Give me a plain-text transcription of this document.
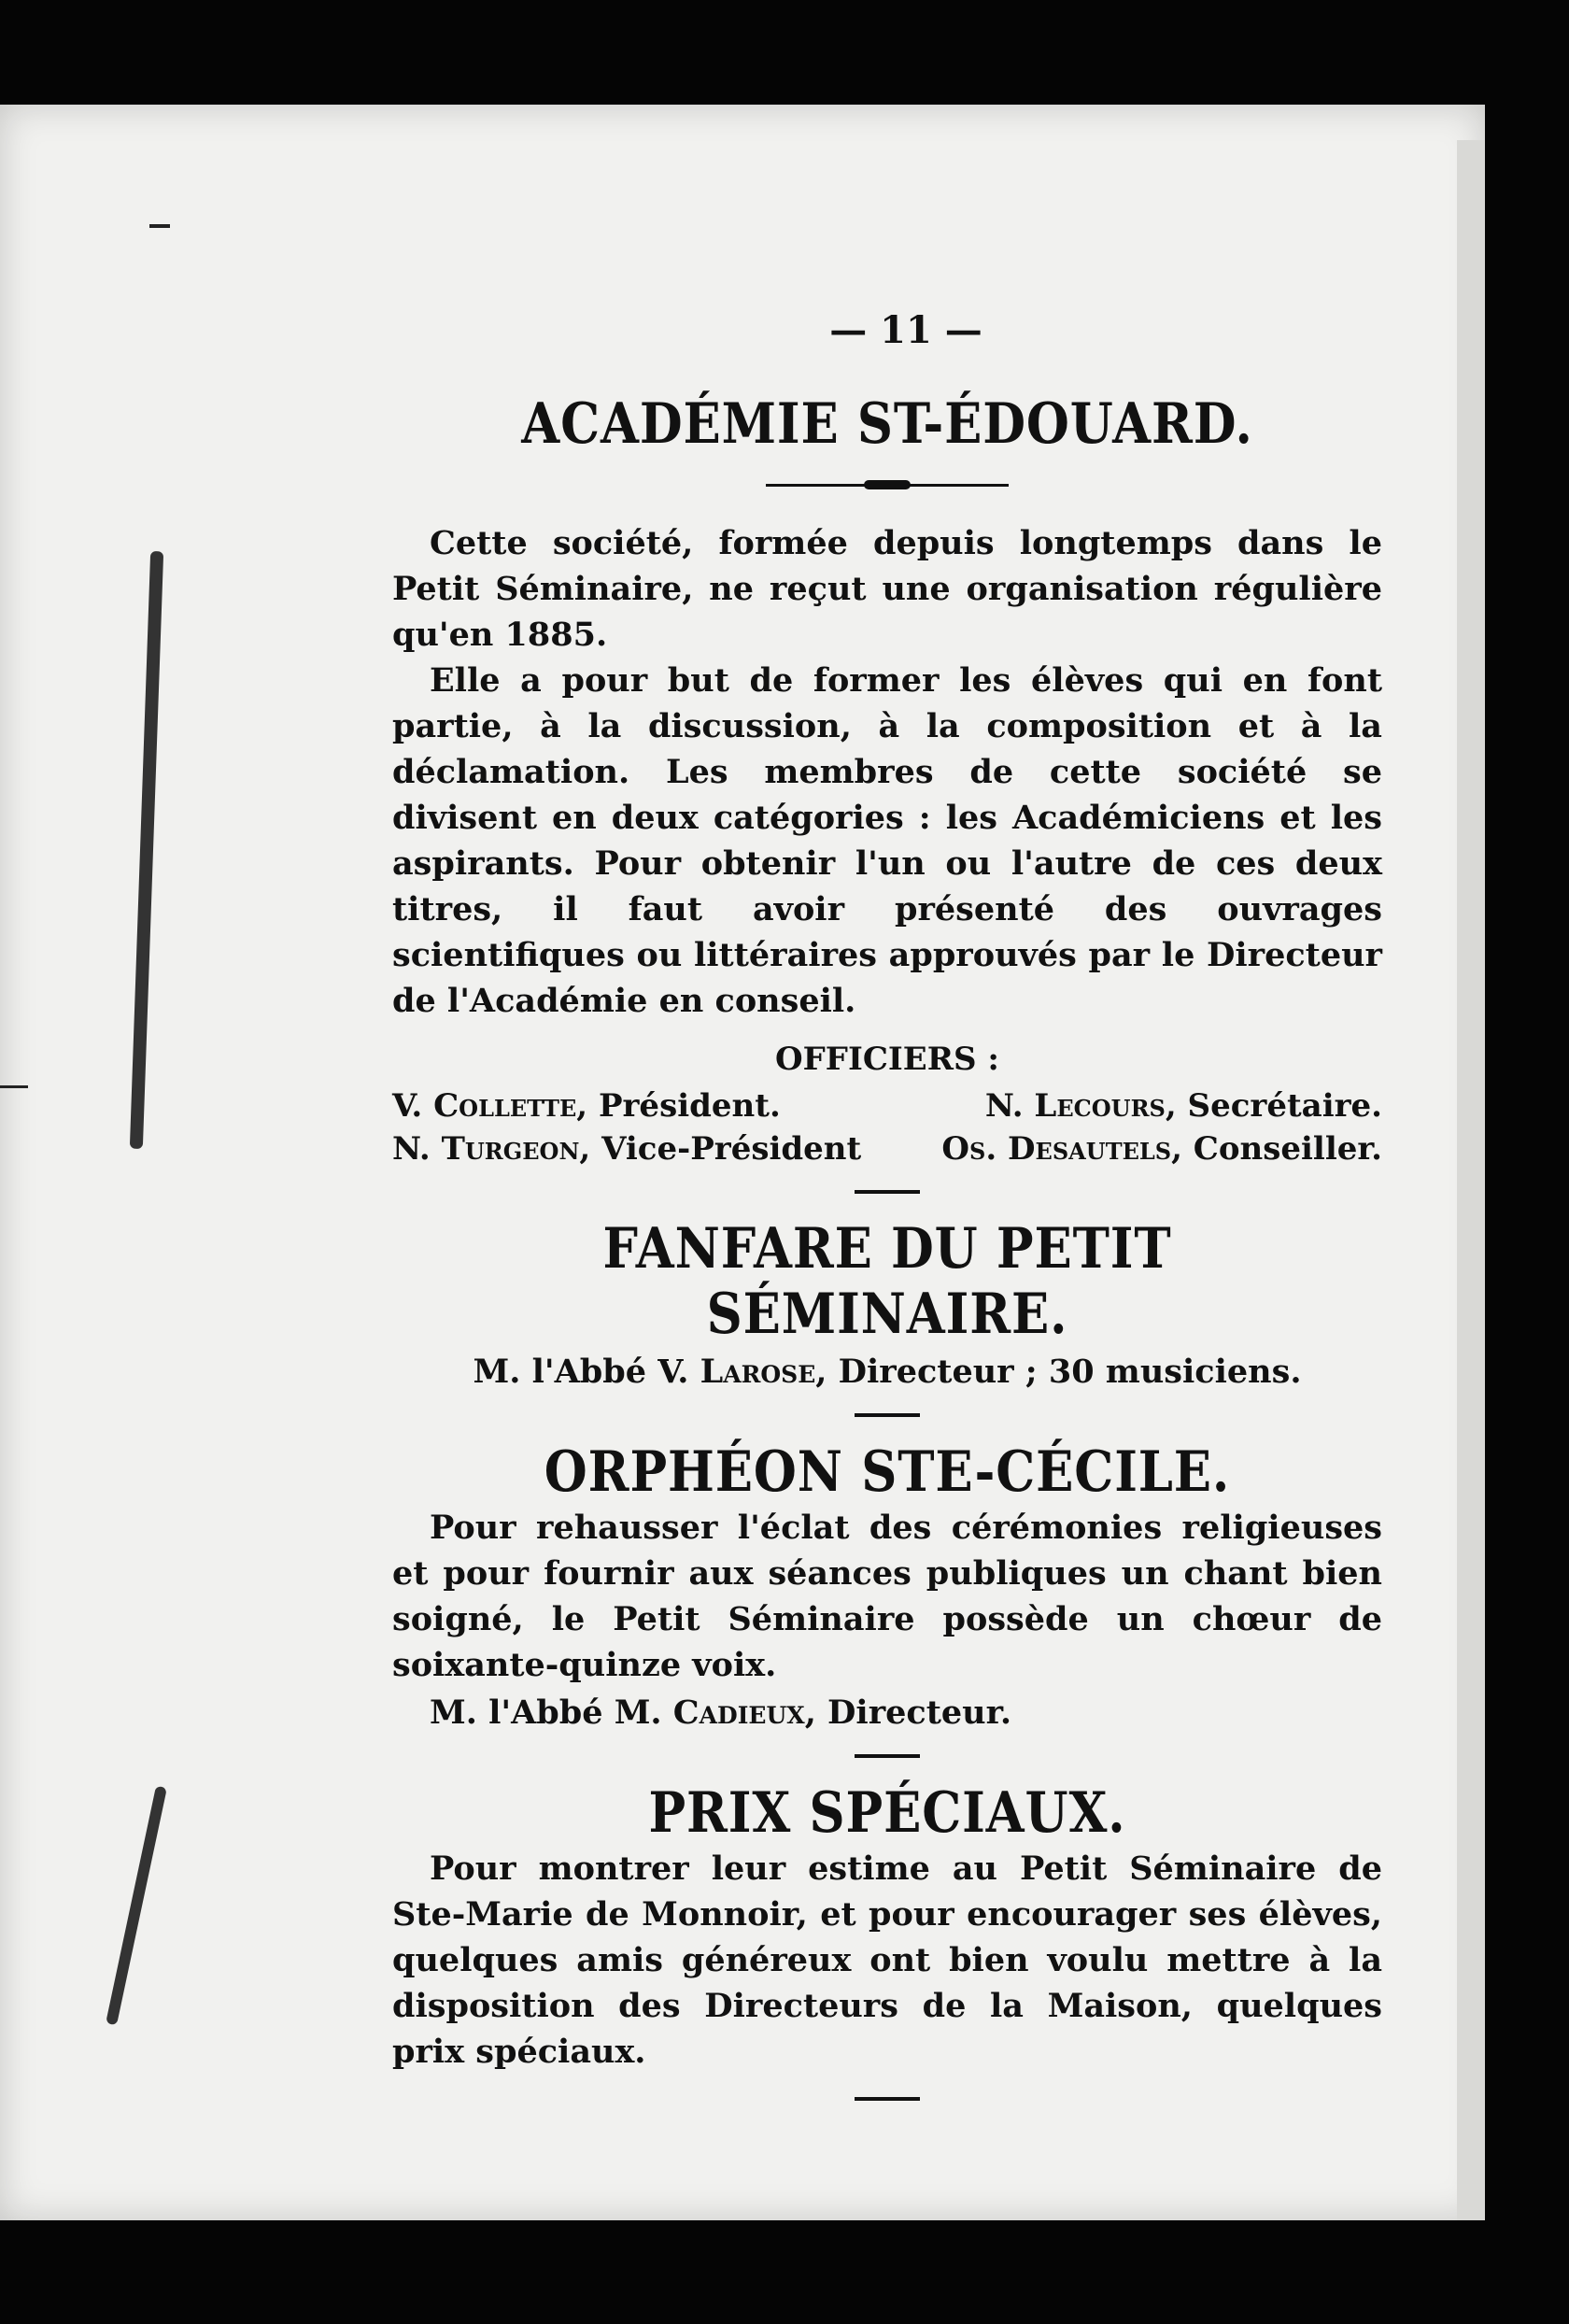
— 11 —
ACADÉMIE ST-ÉDOUARD.

Cette société, formée depuis longtemps dans le Petit Séminaire, ne reçut une organisation régulière qu'en 1885.

Elle a pour but de former les élèves qui en font partie, à la discussion, à la composition et à la déclamation. Les membres de cette société se divisent en deux catégories : les Académiciens et les aspirants. Pour obtenir l'un ou l'autre de ces deux titres, il faut avoir présenté des ouvrages scientifiques ou littéraires approuvés par le Directeur de l'Académie en conseil.

OFFICIERS :
V. Collette, Président.	N. Lecours, Secrétaire.
N. Turgeon, Vice-Président	Os. Desautels, Conseiller.
FANFARE DU PETIT SÉMINAIRE.
M. l'Abbé V. Larose, Directeur ; 30 musiciens.
ORPHÉON STE-CÉCILE.

Pour rehausser l'éclat des cérémonies religieuses et pour fournir aux séances publiques un chant bien soigné, le Petit Séminaire possède un chœur de soixante-quinze voix.

M. l'Abbé M. Cadieux, Directeur.
PRIX SPÉCIAUX.

Pour montrer leur estime au Petit Séminaire de Ste-Marie de Monnoir, et pour encourager ses élèves, quelques amis généreux ont bien voulu mettre à la disposition des Directeurs de la Maison, quelques prix spéciaux.
